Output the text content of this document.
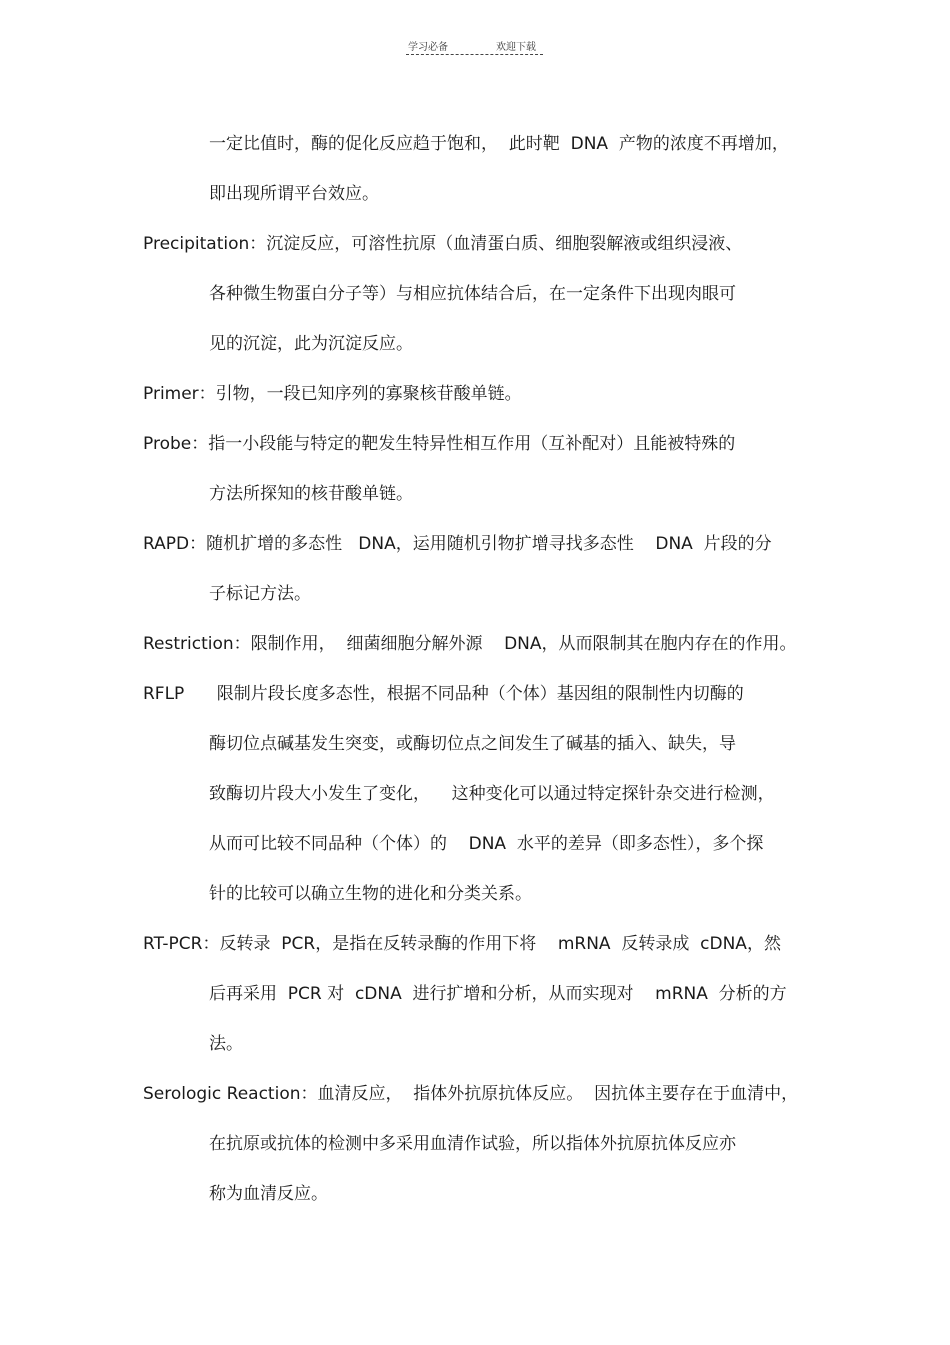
学习必备	欢迎下载
一定比值时，酶的促化反应趋于饱和，  此时靶  DNA  产物的浓度不再增加，
即出现所谓平台效应。
Precipitation：沉淀反应，可溶性抗原（血清蛋白质、细胞裂解液或组织浸液、
各种微生物蛋白分子等）与相应抗体结合后，在一定条件下出现肉眼可
见的沉淀，此为沉淀反应。
Primer：引物，一段已知序列的寡聚核苷酸单链。
Probe：指一小段能与特定的靶发生特异性相互作用（互补配对）且能被特殊的
方法所探知的核苷酸单链。
RAPD：随机扩增的多态性   DNA，运用随机引物扩增寻找多态性    DNA  片段的分
子标记方法。
Restriction：限制作用，  细菌细胞分解外源    DNA，从而限制其在胞内存在的作用。
RFLP      限制片段长度多态性，根据不同品种（个体）基因组的限制性内切酶的
酶切位点碱基发生突变，或酶切位点之间发生了碱基的插入、缺失，导
致酶切片段大小发生了变化，    这种变化可以通过特定探针杂交进行检测，
从而可比较不同品种（个体）的    DNA  水平的差异（即多态性），多个探
针的比较可以确立生物的进化和分类关系。
RT-PCR：反转录  PCR，是指在反转录酶的作用下将    mRNA  反转录成  cDNA，然
后再采用  PCR 对  cDNA  进行扩增和分析，从而实现对    mRNA  分析的方
法。
Serologic Reaction：血清反应，  指体外抗原抗体反应。  因抗体主要存在于血清中，
在抗原或抗体的检测中多采用血清作试验，所以指体外抗原抗体反应亦
称为血清反应。
